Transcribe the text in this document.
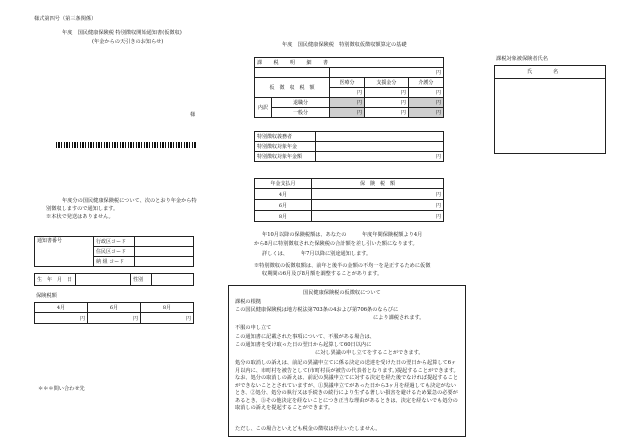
様式第四号（第三条関係）
年度　国民健康保険税 特別徴収開始通知書(仮徴収)
(年金からの天引きのお知らせ)
様
年度分の国民健康保険税について、次のとおり年金から特
別徴収しますので通知します。
※本状で発送はありません。
通知書番号	行政区コード	
	住民区コード	
	納 組 コード	
生　年　月　日		性別	
保険税額
4月	6月	8月
円	円	円
＊＊＊問い合わせ先
年度　国民健康保険税　特別徴収仮徴収額算定の基礎
課　　税　　明　　細　　書				
		円		
仮　徴　収　税　額		医療分	支援金分	介護分
		円	円	円
内訳	退職分	円	円	円
	一般分	円	円	円
特別徴収義務者	
特別徴収対象年金	
特別徴収対象年金額	円
年金支払月	保　険　税　額
4月	円
6月	円
8月	円
年10月以降の保険税額は、あなたの　　　年度年間保険税額より4月
から8月に特別徴収された保険税の合計額を差し引いた額になります。
詳しくは、　　　年7月以降に別途通知します。
※特別徴収の仮徴収額は、前年と後半の金額の不均一を是正するために仮徴
収期間の6月及び8月額を調整することがあります。
国民健康保険税の仮徴収について
課税の根拠
この国民健康保険税は地方税法第703条の4および第706条のならびに
により課税されます。
不服の申し立て
この通知書に記載された事項について、不服がある場合は、
この通知書を受け取った日の翌日から起算して60日以内に
に対し異議の申し立てをすることができます。
処分の取消しの訴えは、前記の異議申立てに係る決定の送達を受けた日の翌日から起算して6ヶ月以内に、市町村を被告として(市町村長が被告の代表者となります。)提起することができます。なお、処分の取消しの訴えは、前記の異議申立てに対する決定を経た後でなければ提起することができないこととされていますが、①異議申立てがあった日から3ヶ月を経過しても決定がないとき、②処分、処分の執行又は手続きの続行により生ずる著しい損害を避けるため緊急の必要があるとき、③その他決定を経ないことにつき正当な理由があるときは、決定を経ないでも処分の取消しの訴えを提起することができます。
ただし、この場合といえども税金の徴収は停止いたしません。
課税対象被保険者氏名
氏　　　　名
